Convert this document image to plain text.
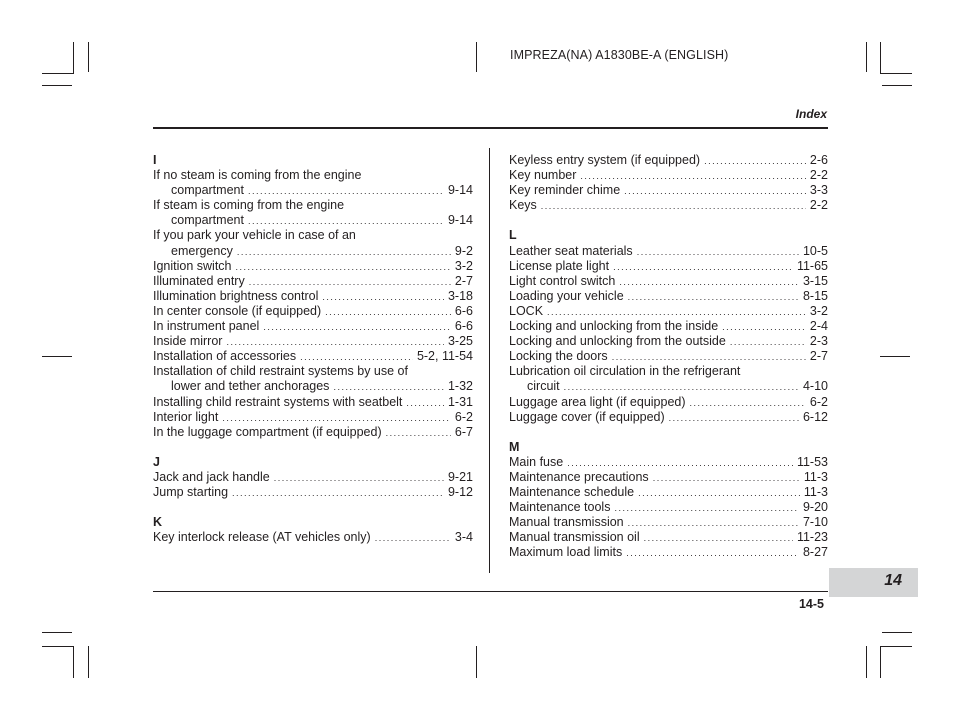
IMPREZA(NA) A1830BE-A (ENGLISH)
Index
I
If no steam is coming from the engine
compartment .....	9-14
If steam is coming from the engine
compartment .....	9-14
If you park your vehicle in case of an
emergency .....	9-2
Ignition switch .....	3-2
Illuminated entry .....	2-7
Illumination brightness control .....	3-18
In center console (if equipped) .....	6-6
In instrument panel .....	6-6
Inside mirror .....	3-25
Installation of accessories .....	5-2, 11-54
Installation of child restraint systems by use of
lower and tether anchorages .....	1-32
Installing child restraint systems with seatbelt .....	1-31
Interior light .....	6-2
In the luggage compartment (if equipped) .....	6-7
J
Jack and jack handle .....	9-21
Jump starting .....	9-12
K
Key interlock release (AT vehicles only) .....	3-4
Keyless entry system (if equipped) .....	2-6
Key number .....	2-2
Key reminder chime .....	3-3
Keys .....	2-2
L
Leather seat materials .....	10-5
License plate light .....	11-65
Light control switch .....	3-15
Loading your vehicle .....	8-15
LOCK .....	3-2
Locking and unlocking from the inside .....	2-4
Locking and unlocking from the outside .....	2-3
Locking the doors .....	2-7
Lubrication oil circulation in the refrigerant
circuit .....	4-10
Luggage area light (if equipped) .....	6-2
Luggage cover (if equipped) .....	6-12
M
Main fuse .....	11-53
Maintenance precautions .....	11-3
Maintenance schedule .....	11-3
Maintenance tools .....	9-20
Manual transmission .....	7-10
Manual transmission oil .....	11-23
Maximum load limits .....	8-27
14
14-5
